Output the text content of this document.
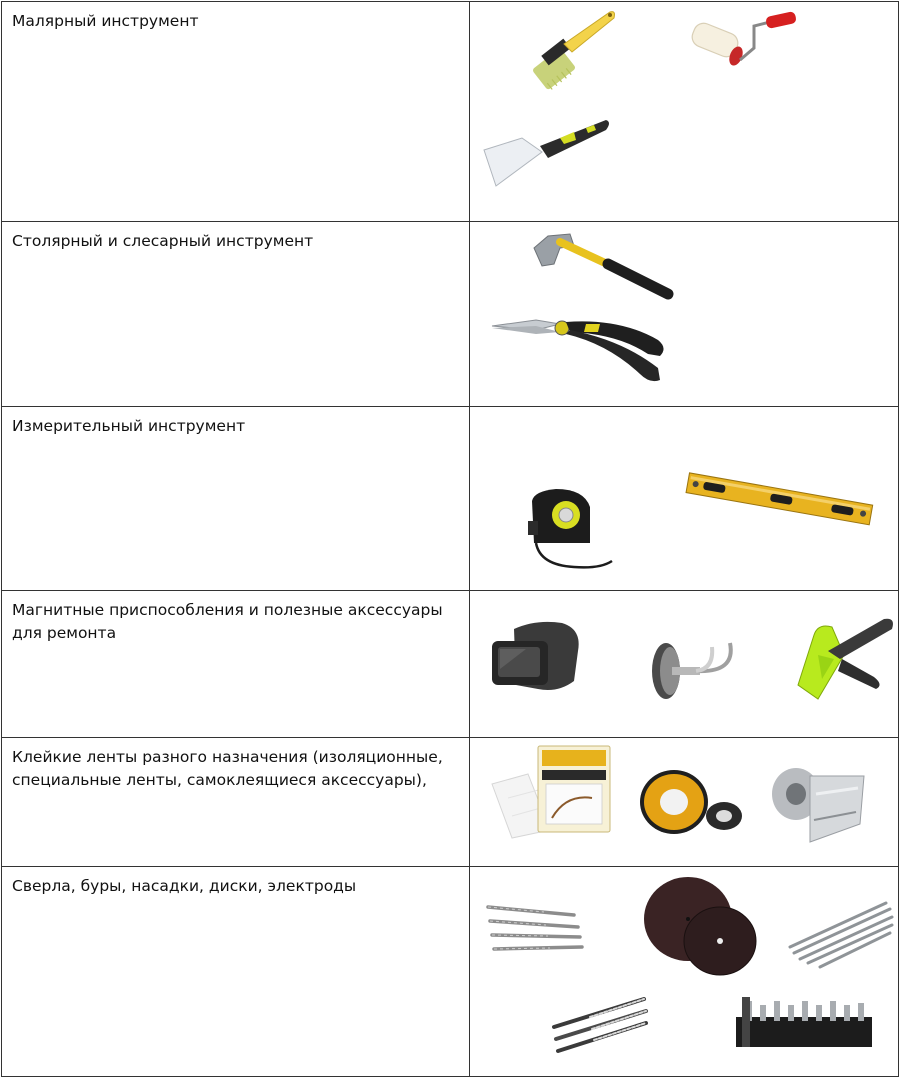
Малярный инструмент	

Столярный и слесарный инструмент	

Измерительный инструмент	

Магнитные приспособления и полезные аксессуары для ремонта	

Клейкие ленты разного назначения (изоляционные, специальные ленты, самоклеящиеся аксессуары),	

Сверла, буры, насадки, диски, электроды	
